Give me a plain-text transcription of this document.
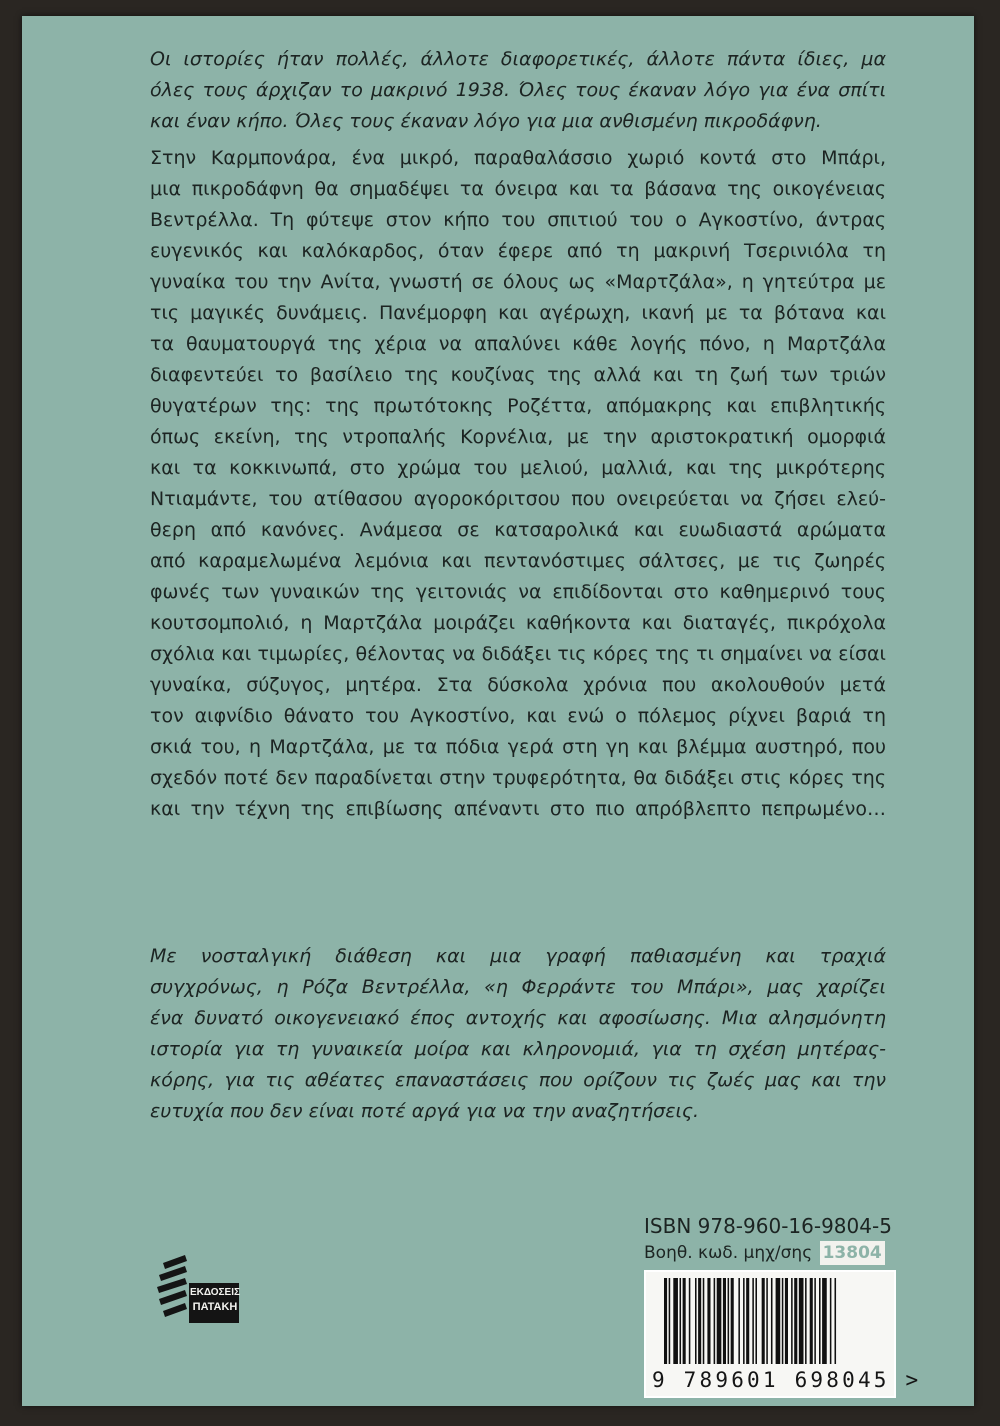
Οι ιστορίες ήταν πολλές, άλλοτε διαφορετικές, άλλοτε πάντα ίδιες, μα
όλες τους άρχιζαν το μακρινό 1938. Όλες τους έκαναν λόγο για ένα σπίτι
και έναν κήπο. Όλες τους έκαναν λόγο για μια ανθισμένη πικροδάφνη.
Στην Καρμπονάρα, ένα μικρό, παραθαλάσσιο χωριό κοντά στο Μπάρι,
μια πικροδάφνη θα σημαδέψει τα όνειρα και τα βάσανα της οικογένειας
Βεντρέλλα. Τη φύτεψε στον κήπο του σπιτιού του ο Αγκοστίνο, άντρας
ευγενικός και καλόκαρδος, όταν έφερε από τη μακρινή Τσερινιόλα τη
γυναίκα του την Ανίτα, γνωστή σε όλους ως «Μαρτζάλα», η γητεύτρα με
τις μαγικές δυνάμεις. Πανέμορφη και αγέρωχη, ικανή με τα βότανα και
τα θαυματουργά της χέρια να απαλύνει κάθε λογής πόνο, η Μαρτζάλα
διαφεντεύει το βασίλειο της κουζίνας της αλλά και τη ζωή των τριών
θυγατέρων της: της πρωτότοκης Ροζέττα, απόμακρης και επιβλητικής
όπως εκείνη, της ντροπαλής Κορνέλια, με την αριστοκρατική ομορφιά
και τα κοκκινωπά, στο χρώμα του μελιού, μαλλιά, και της μικρότερης
Ντιαμάντε, του ατίθασου αγοροκόριτσου που ονειρεύεται να ζήσει ελεύ-
θερη από κανόνες. Ανάμεσα σε κατσαρολικά και ευωδιαστά αρώματα
από καραμελωμένα λεμόνια και πεντανόστιμες σάλτσες, με τις ζωηρές
φωνές των γυναικών της γειτονιάς να επιδίδονται στο καθημερινό τους
κουτσομπολιό, η Μαρτζάλα μοιράζει καθήκοντα και διαταγές, πικρόχολα
σχόλια και τιμωρίες, θέλοντας να διδάξει τις κόρες της τι σημαίνει να είσαι
γυναίκα, σύζυγος, μητέρα. Στα δύσκολα χρόνια που ακολουθούν μετά
τον αιφνίδιο θάνατο του Αγκοστίνο, και ενώ ο πόλεμος ρίχνει βαριά τη
σκιά του, η Μαρτζάλα, με τα πόδια γερά στη γη και βλέμμα αυστηρό, που
σχεδόν ποτέ δεν παραδίνεται στην τρυφερότητα, θα διδάξει στις κόρες της
και την τέχνη της επιβίωσης απέναντι στο πιο απρόβλεπτο πεπρωμένο…
Με νοσταλγική διάθεση και μια γραφή παθιασμένη και τραχιά
συγχρόνως, η Ρόζα Βεντρέλλα, «η Φερράντε του Μπάρι», μας χαρίζει
ένα δυνατό οικογενειακό έπος αντοχής και αφοσίωσης. Μια αλησμόνητη
ιστορία για τη γυναικεία μοίρα και κληρονομιά, για τη σχέση μητέρας-
κόρης, για τις αθέατες επαναστάσεις που ορίζουν τις ζωές μας και την
ευτυχία που δεν είναι ποτέ αργά για να την αναζητήσεις.
ΕΚΔΟΣΕΙΣ
ΠΑΤΑΚΗ
ISBN 978-960-16-9804-5
Βοηθ. κωδ. μηχ/σης 13804
9 789601 698045 >
